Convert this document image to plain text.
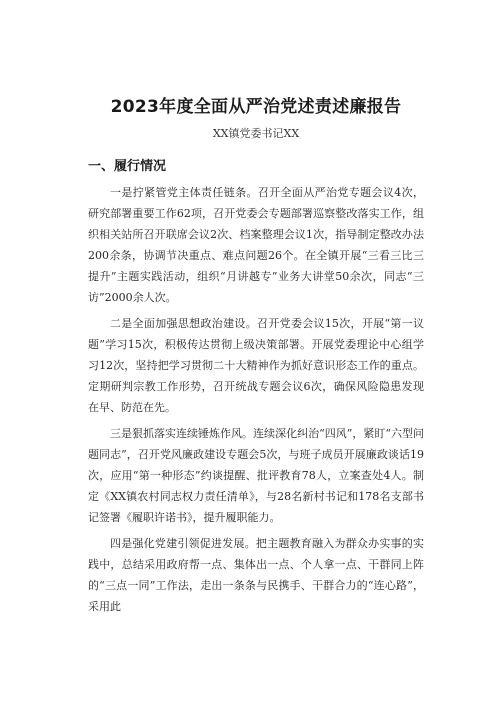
2023年度全面从严治党述责述廉报告
XX镇党委书记XX
一、履行情况

一是拧紧管党主体责任链条。召开全面从严治党专题会议4次，研究部署重要工作62项，召开党委会专题部署巡察整改落实工作，组织相关站所召开联席会议2次、档案整理会议1次，指导制定整改办法200余条，协调节决重点、难点问题26个。在全镇开展“三看三比三提升”主题实践活动，组织“月讲越专”业务大讲堂50余次，同志“三访”2000余人次。

二是全面加强思想政治建设。召开党委会议15次，开展“第一议题”学习15次，积极传达贯彻上级决策部署。开展党委理论中心组学习12次，坚持把学习贯彻二十大精神作为抓好意识形态工作的重点。定期研判宗教工作形势，召开统战专题会议6次，确保风险隐患发现在早、防范在先。

三是狠抓落实连续锤炼作风。连续深化纠治“四风”，紧盯“六型问题同志”，召开党风廉政建设专题会5次，与班子成员开展廉政谈话19次，应用“第一种形态”约谈提醒、批评教育78人，立案查处4人。制定《XX镇农村同志权力责任清单》，与28名新村书记和178名支部书记签署《履职许诺书》，提升履职能力。

四是强化党建引领促进发展。把主题教育融入为群众办实事的实践中，总结采用政府帮一点、集体出一点、个人拿一点、干群同上阵的“三点一同”工作法，走出一条条与民携手、干群合力的“连心路”，采用此
